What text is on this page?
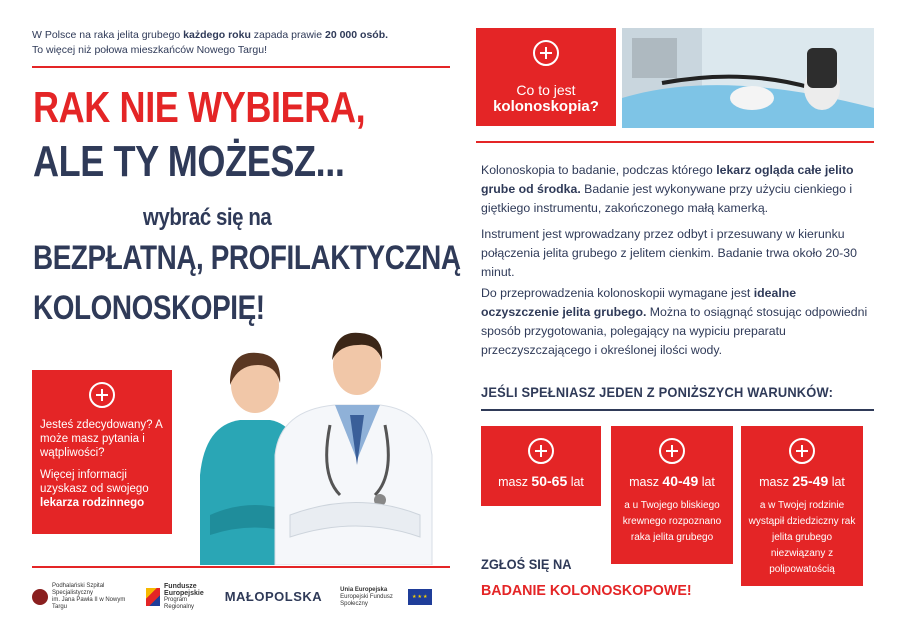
W Polsce na raka jelita grubego każdego roku zapada prawie 20 000 osób.
To więcej niż połowa mieszkańców Nowego Targu!
RAK NIE WYBIERA,
ALE TY MOŻESZ...
wybrać się na
BEZPŁATNĄ, PROFILAKTYCZNĄ
KOLONOSKOPIĘ!

Jesteś zdecydowany? A może masz pytania i wątpliwości?

Więcej informacji uzyskasz od swojego lekarza rodzinnego

Podhalański Szpital Specjalistyczny
im. Jana Pawła II w Nowym Targu
Fundusze
Europejskie
Program Regionalny
MAŁOPOLSKA	Unia Europejska
Europejski Fundusz Społeczny
★★★
Co to jest
kolonoskopia?
Kolonoskopia to badanie, podczas którego lekarz ogląda całe jelito grube od środka. Badanie jest wykonywane przy użyciu cienkiego i giętkiego instrumentu, zakończonego małą kamerką.
Instrument jest wprowadzany przez odbyt i przesuwany w kierunku połączenia jelita grubego z jelitem cienkim. Badanie trwa około 20-30 minut.
Do przeprowadzenia kolonoskopii wymagane jest idealne oczyszczenie jelita grubego. Można to osiągnąć stosując odpowiedni sposób przygotowania, polegający na wypiciu preparatu przeczyszczającego i określonej ilości wody.
JEŚLI SPEŁNIASZ JEDEN Z PONIŻSZYCH WARUNKÓW:
masz 50-65 lat	masz 40-49 lat
a u Twojego bliskiego krewnego rozpoznano raka jelita grubego
masz 25-49 lat
a w Twojej rodzinie wystąpił dziedziczny rak jelita grubego niezwiązany z polipowatością
ZGŁOŚ SIĘ NA
BADANIE KOLONOSKOPOWE!
